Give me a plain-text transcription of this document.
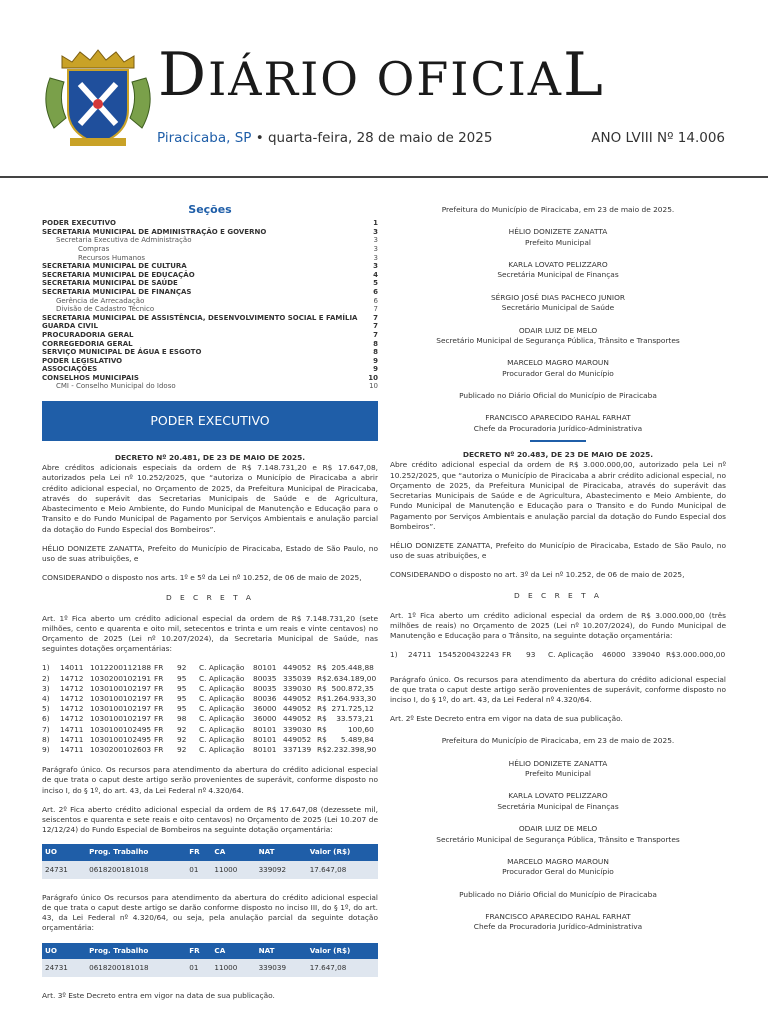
DIÁRIO OFICIAL
Piracicaba, SP • quarta-feira, 28 de maio de 2025	ANO LVIII Nº 14.006
Seções
PODER EXECUTIVO	1
SECRETARIA MUNICIPAL DE ADMINISTRAÇÃO E GOVERNO	3
Secretaria Executiva de Administração	3
Compras	3
Recursos Humanos	3
SECRETARIA MUNICIPAL DE CULTURA	3
SECRETARIA MUNICIPAL DE EDUCAÇÃO	4
SECRETARIA MUNICIPAL DE SAÚDE	5
SECRETARIA MUNICIPAL DE FINANÇAS	6
Gerência de Arrecadação	6
Divisão de Cadastro Técnico	7
SECRETARIA MUNICIPAL DE ASSISTÊNCIA, DESENVOLVIMENTO SOCIAL E FAMÍLIA 7
GUARDA CIVIL	7
PROCURADORIA GERAL	7
CORREGEDORIA GERAL	8
SERVIÇO MUNICIPAL DE ÁGUA E ESGOTO	8
PODER LEGISLATIVO	9
ASSOCIAÇÕES	9
CONSELHOS MUNICIPAIS	10
CMI - Conselho Municipal do Idoso	10
PODER EXECUTIVO
DECRETO Nº 20.481, DE 23 DE MAIO DE 2025.
Abre créditos adicionais especiais da ordem de R$ 7.148.731,20 e R$ 17.647,08, autorizados pela Lei nº 10.252/2025, que “autoriza o Município de Piracicaba a abrir crédito adicional especial, no Orçamento de 2025, da Prefeitura Municipal de Piracicaba, através do superávit das Secretarias Municipais de Saúde e de Agricultura, Abastecimento e Meio Ambiente, do Fundo Municipal de Manutenção e Educação para o Transito e do Fundo Municipal de Pagamento por Serviços Ambientais e anulação parcial da dotação do Fundo Especial dos Bombeiros”.
HÉLIO DONIZETE ZANATTA, Prefeito do Município de Piracicaba, Estado de São Paulo, no uso de suas atribuições, e
CONSIDERANDO o disposto nos arts. 1º e 5º da Lei nº 10.252, de 06 de maio de 2025,
D E C R E T A
Art. 1º Fica aberto um crédito adicional especial da ordem de R$ 7.148.731,20 (sete milhões, cento e quarenta e oito mil, setecentos e trinta e um reais e vinte centavos) no Orçamento de 2025 (Lei nº 10.207/2024), da Secretaria Municipal de Saúde, nas seguintes dotações orçamentárias:
1)	14011 1012200112188 FR	92	C. Aplicação	80101 449052 R$  205.448,88
2)	14712 1030200102191 FR	95	C. Aplicação	80035 335039 R$2.634.189,00
3)	14712 1030100102197 FR	95	C. Aplicação	80035 339030 R$  500.872,35
4)	14712 1030100102197 FR	95	C. Aplicação	80036 449052 R$1.264.933,30
5)	14712 1030100102197 FR	95	C. Aplicação	36000 449052 R$  271.725,12
6)	14712 1030100102197 FR	98	C. Aplicação	36000 449052 R$    33.573,21
7)	14711 1030100102495 FR	92	C. Aplicação	80101 339030 R$         100,60
8)	14711 1030100102495 FR	92	C. Aplicação	80101 449052 R$      5.489,84
9)	14711 1030200102603 FR	92	C. Aplicação	80101 337139 R$2.232.398,90
Parágrafo único. Os recursos para atendimento da abertura do crédito adicional especial de que trata o caput deste artigo serão provenientes de superávit, conforme disposto no inciso I, do § 1º, do art. 43, da Lei Federal nº 4.320/64.
Art. 2º Fica aberto crédito adicional especial da ordem de R$ 17.647,08 (dezessete mil, seiscentos e quarenta e sete reais e oito centavos) no Orçamento de 2025 (Lei 10.207 de 12/12/24) do Fundo Especial de Bombeiros na seguinte dotação orçamentária:
UO	Prog. Trabalho	FR	CA	NAT	Valor (R$)
24731	0618200181018	01	11000	339092	17.647,08
Parágrafo único Os recursos para atendimento da abertura do crédito adicional especial de que trata o caput deste artigo se darão conforme disposto no inciso III, do § 1º, do art. 43, da Lei Federal nº 4.320/64, ou seja, pela anulação parcial da seguinte dotação orçamentária:
UO	Prog. Trabalho	FR	CA	NAT	Valor (R$)
24731	0618200181018	01	11000	339039	17.647,08
Art. 3º Este Decreto entra em vigor na data de sua publicação.
Prefeitura do Município de Piracicaba, em 23 de maio de 2025.
HÉLIO DONIZETE ZANATTA
Prefeito Municipal
KARLA LOVATO PELIZZARO
Secretária Municipal de Finanças
SÉRGIO JOSÉ DIAS PACHECO JUNIOR
Secretário Municipal de Saúde
ODAIR LUIZ DE MELO
Secretário Municipal de Segurança Pública, Trânsito e Transportes
MARCELO MAGRO MAROUN
Procurador Geral do Município
Publicado no Diário Oficial do Município de Piracicaba
FRANCISCO APARECIDO RAHAL FARHAT
Chefe da Procuradoria Jurídico-Administrativa
DECRETO Nº 20.483, DE 23 DE MAIO DE 2025.
Abre crédito adicional especial da ordem de R$ 3.000.000,00, autorizado pela Lei nº 10.252/2025, que “autoriza o Município de Piracicaba a abrir crédito adicional especial, no Orçamento de 2025, da Prefeitura Municipal de Piracicaba, através do superávit das Secretarias Municipais de Saúde e de Agricultura, Abastecimento e Meio Ambiente, do Fundo Municipal de Manutenção e Educação para o Transito e do Fundo Municipal de Pagamento por Serviços Ambientais e anulação parcial da dotação do Fundo Especial dos Bombeiros”.
HÉLIO DONIZETE ZANATTA, Prefeito do Município de Piracicaba, Estado de São Paulo, no uso de suas atribuições, e
CONSIDERANDO o disposto no art. 3º da Lei nº 10.252, de 06 de maio de 2025,
D E C R E T A
Art. 1º Fica aberto um crédito adicional especial da ordem de R$ 3.000.000,00 (três milhões de reais) no Orçamento de 2025 (Lei nº 10.207/2024), do Fundo Municipal de Manutenção e Educação para o Trânsito, na seguinte dotação orçamentária:
1)	24711 1545200432243 FR	93	C. Aplicação	46000 339040 R$3.000.000,00
Parágrafo único. Os recursos para atendimento da abertura do crédito adicional especial de que trata o caput deste artigo serão provenientes de superávit, conforme disposto no inciso I, do § 1º, do art. 43, da Lei Federal nº 4.320/64.
Art. 2º Este Decreto entra em vigor na data de sua publicação.
Prefeitura do Município de Piracicaba, em 23 de maio de 2025.
HÉLIO DONIZETE ZANATTA
Prefeito Municipal
KARLA LOVATO PELIZZARO
Secretária Municipal de Finanças
ODAIR LUIZ DE MELO
Secretário Municipal de Segurança Pública, Trânsito e Transportes
MARCELO MAGRO MAROUN
Procurador Geral do Município
Publicado no Diário Oficial do Município de Piracicaba
FRANCISCO APARECIDO RAHAL FARHAT
Chefe da Procuradoria Jurídico-Administrativa
